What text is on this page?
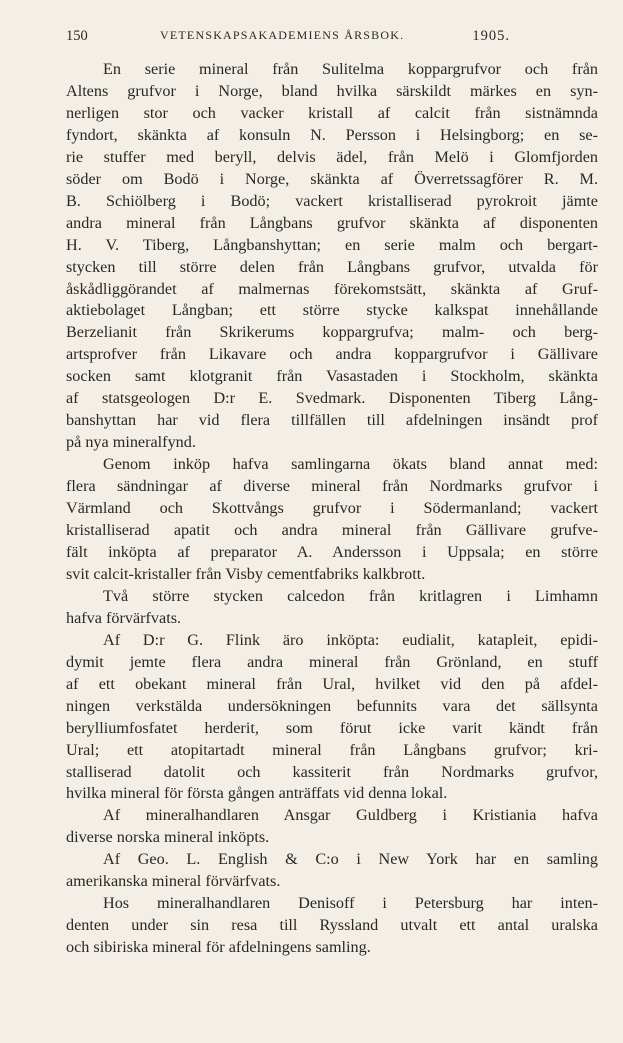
150	VETENSKAPSAKADEMIENS ÅRSBOK.	1905.
En serie mineral från Sulitelma koppargrufvor och från
Altens grufvor i Norge, bland hvilka särskildt märkes en syn-
nerligen stor och vacker kristall af calcit från sistnämnda
fyndort, skänkta af konsuln N. Persson i Helsingborg; en se-
rie stuffer med beryll, delvis ädel, från Melö i Glomfjorden
söder om Bodö i Norge, skänkta af Överretssagförer R. M.
B. Schiölberg i Bodö; vackert kristalliserad pyrokroit jämte
andra mineral från Långbans grufvor skänkta af disponenten
H. V. Tiberg, Långbanshyttan; en serie malm och bergart-
stycken till större delen från Långbans grufvor, utvalda för
åskådliggörandet af malmernas förekomstsätt, skänkta af Gruf-
aktiebolaget Långban; ett större stycke kalkspat innehållande
Berzelianit från Skrikerums koppargrufva; malm- och berg-
artsprofver från Likavare och andra koppargrufvor i Gällivare
socken samt klotgranit från Vasastaden i Stockholm, skänkta
af statsgeologen D:r E. Svedmark. Disponenten Tiberg Lång-
banshyttan har vid flera tillfällen till afdelningen insändt prof
på nya mineralfynd.
Genom inköp hafva samlingarna ökats bland annat med:
flera sändningar af diverse mineral från Nordmarks grufvor i
Värmland och Skottvångs grufvor i Södermanland; vackert
kristalliserad apatit och andra mineral från Gällivare grufve-
fält inköpta af preparator A. Andersson i Uppsala; en större
svit calcit-kristaller från Visby cementfabriks kalkbrott.
Två större stycken calcedon från kritlagren i Limhamn
hafva förvärfvats.
Af D:r G. Flink äro inköpta: eudialit, katapleit, epidi-
dymit jemte flera andra mineral från Grönland, en stuff
af ett obekant mineral från Ural, hvilket vid den på afdel-
ningen verkstälda undersökningen befunnits vara det sällsynta
berylliumfosfatet herderit, som förut icke varit kändt från
Ural; ett atopitartadt mineral från Långbans grufvor; kri-
stalliserad datolit och kassiterit från Nordmarks grufvor,
hvilka mineral för första gången anträffats vid denna lokal.
Af mineralhandlaren Ansgar Guldberg i Kristiania hafva
diverse norska mineral inköpts.
Af Geo. L. English & C:o i New York har en samling
amerikanska mineral förvärfvats.
Hos mineralhandlaren Denisoff i Petersburg har inten-
denten under sin resa till Ryssland utvalt ett antal uralska
och sibiriska mineral för afdelningens samling.
